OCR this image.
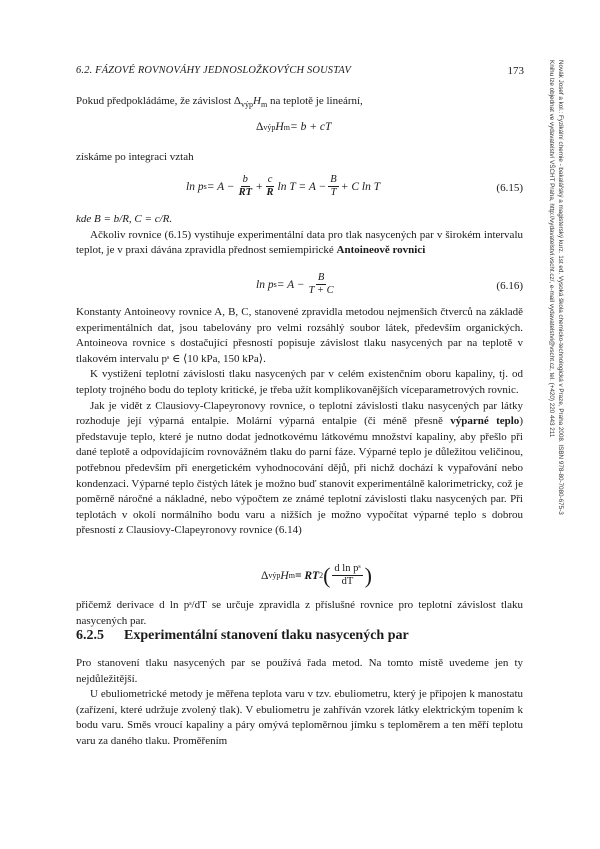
6.2. FÁZOVÉ ROVNOVÁHY JEDNOSLOŽKOVÝCH SOUSTAV	173	Novák Josef a kol.: Fyzikální chemie - bakalářský a magisterský kurz. 1st ed. Vysoká škola chemicko-technologická v Praze, Praha 2008. ISBN 978-80-7080-675-3
Knihu lze objednat ve vydavatelství VŠCHT Praha, http://vydavatelstvi.vscht.cz/, e-mail vydavatelstvi@vscht.cz, tel. (+420) 220 443 211

Pokud předpokládáme, že závislost $\Delta_{výp}H_m$ na teplotě je lineární,

Δ výp H m = b + cT

získáme po integraci vztah

ln p $s = A - \frac{b}{RT} + \frac{c}{R}$ $\ln T = A - \frac{B}{T} + C$ ln T	(6.15)

kde B = b/R, C = c/R.

Ačkoliv rovnice (6.15) vystihuje experimentální data pro tlak nasycených par v širokém intervalu teplot, je v praxi dávána zpravidla přednost semiempirické Antoineově rovnici

ln p $s = A - \frac{B}{T + C}$	(6.16)

Konstanty Antoineovy rovnice A, B, C, stanovené zpravidla metodou nejmenších čtverců na základě experimentálních dat, jsou tabelovány pro velmi rozsáhlý soubor látek, především organických. Antoineova rovnice s dostačující přesností popisuje závislost tlaku nasycených par na teplotě v tlakovém intervalu pˢ ∈ ⟨10 kPa, 150 kPa⟩.

K vystižení teplotní závislosti tlaku nasycených par v celém existenčním oboru kapaliny, tj. od teploty trojného bodu do teploty kritické, je třeba užít komplikovanějších víceparametrových rovnic.

Jak je vidět z Clausiovy-Clapeyronovy rovnice, o teplotní závislosti tlaku nasycených par látky rozhoduje její výparná entalpie. Molární výparná entalpie (či méně přesně výparné teplo) představuje teplo, které je nutno dodat jednotkovému látkovému množství kapaliny, aby přešlo při dané teplotě a odpovídajícím rovnovážném tlaku do parní fáze. Výparné teplo je důležitou veličinou, potřebnou především při energetickém vyhodnocování dějů, při nichž dochází k vypařování nebo kondenzaci. Výparné teplo čistých látek je možno buď stanovit experimentálně kalorimetricky, což je poměrně náročné a nákladné, nebo výpočtem ze známé teplotní závislosti tlaku nasycených par. Při teplotách v okolí normálního bodu varu a nižších je možno vypočítat výparné teplo s dobrou přesností z Clausiovy-Clapeyronovy rovnice (6.14)

Δ výp H m = RT 2 ( $\frac{\text{d ln pˢ}}{dT}$ )

přičemž derivace d ln pˢ/dT se určuje zpravidla z příslušné rovnice pro teplotní závislost tlaku nasycených par.

6.2.5 Experimentální stanovení tlaku nasycených par

Pro stanovení tlaku nasycených par se používá řada metod. Na tomto místě uvedeme jen ty nejdůležitější.

U ebuliometrické metody je měřena teplota varu v tzv. ebuliometru, který je připojen k manostatu (zařízení, které udržuje zvolený tlak). V ebuliometru je zahříván vzorek látky elektrickým topením k bodu varu. Směs vroucí kapaliny a páry omývá teploměrnou jímku s teploměrem a ten měří teplotu varu za daného tlaku. Proměřením
